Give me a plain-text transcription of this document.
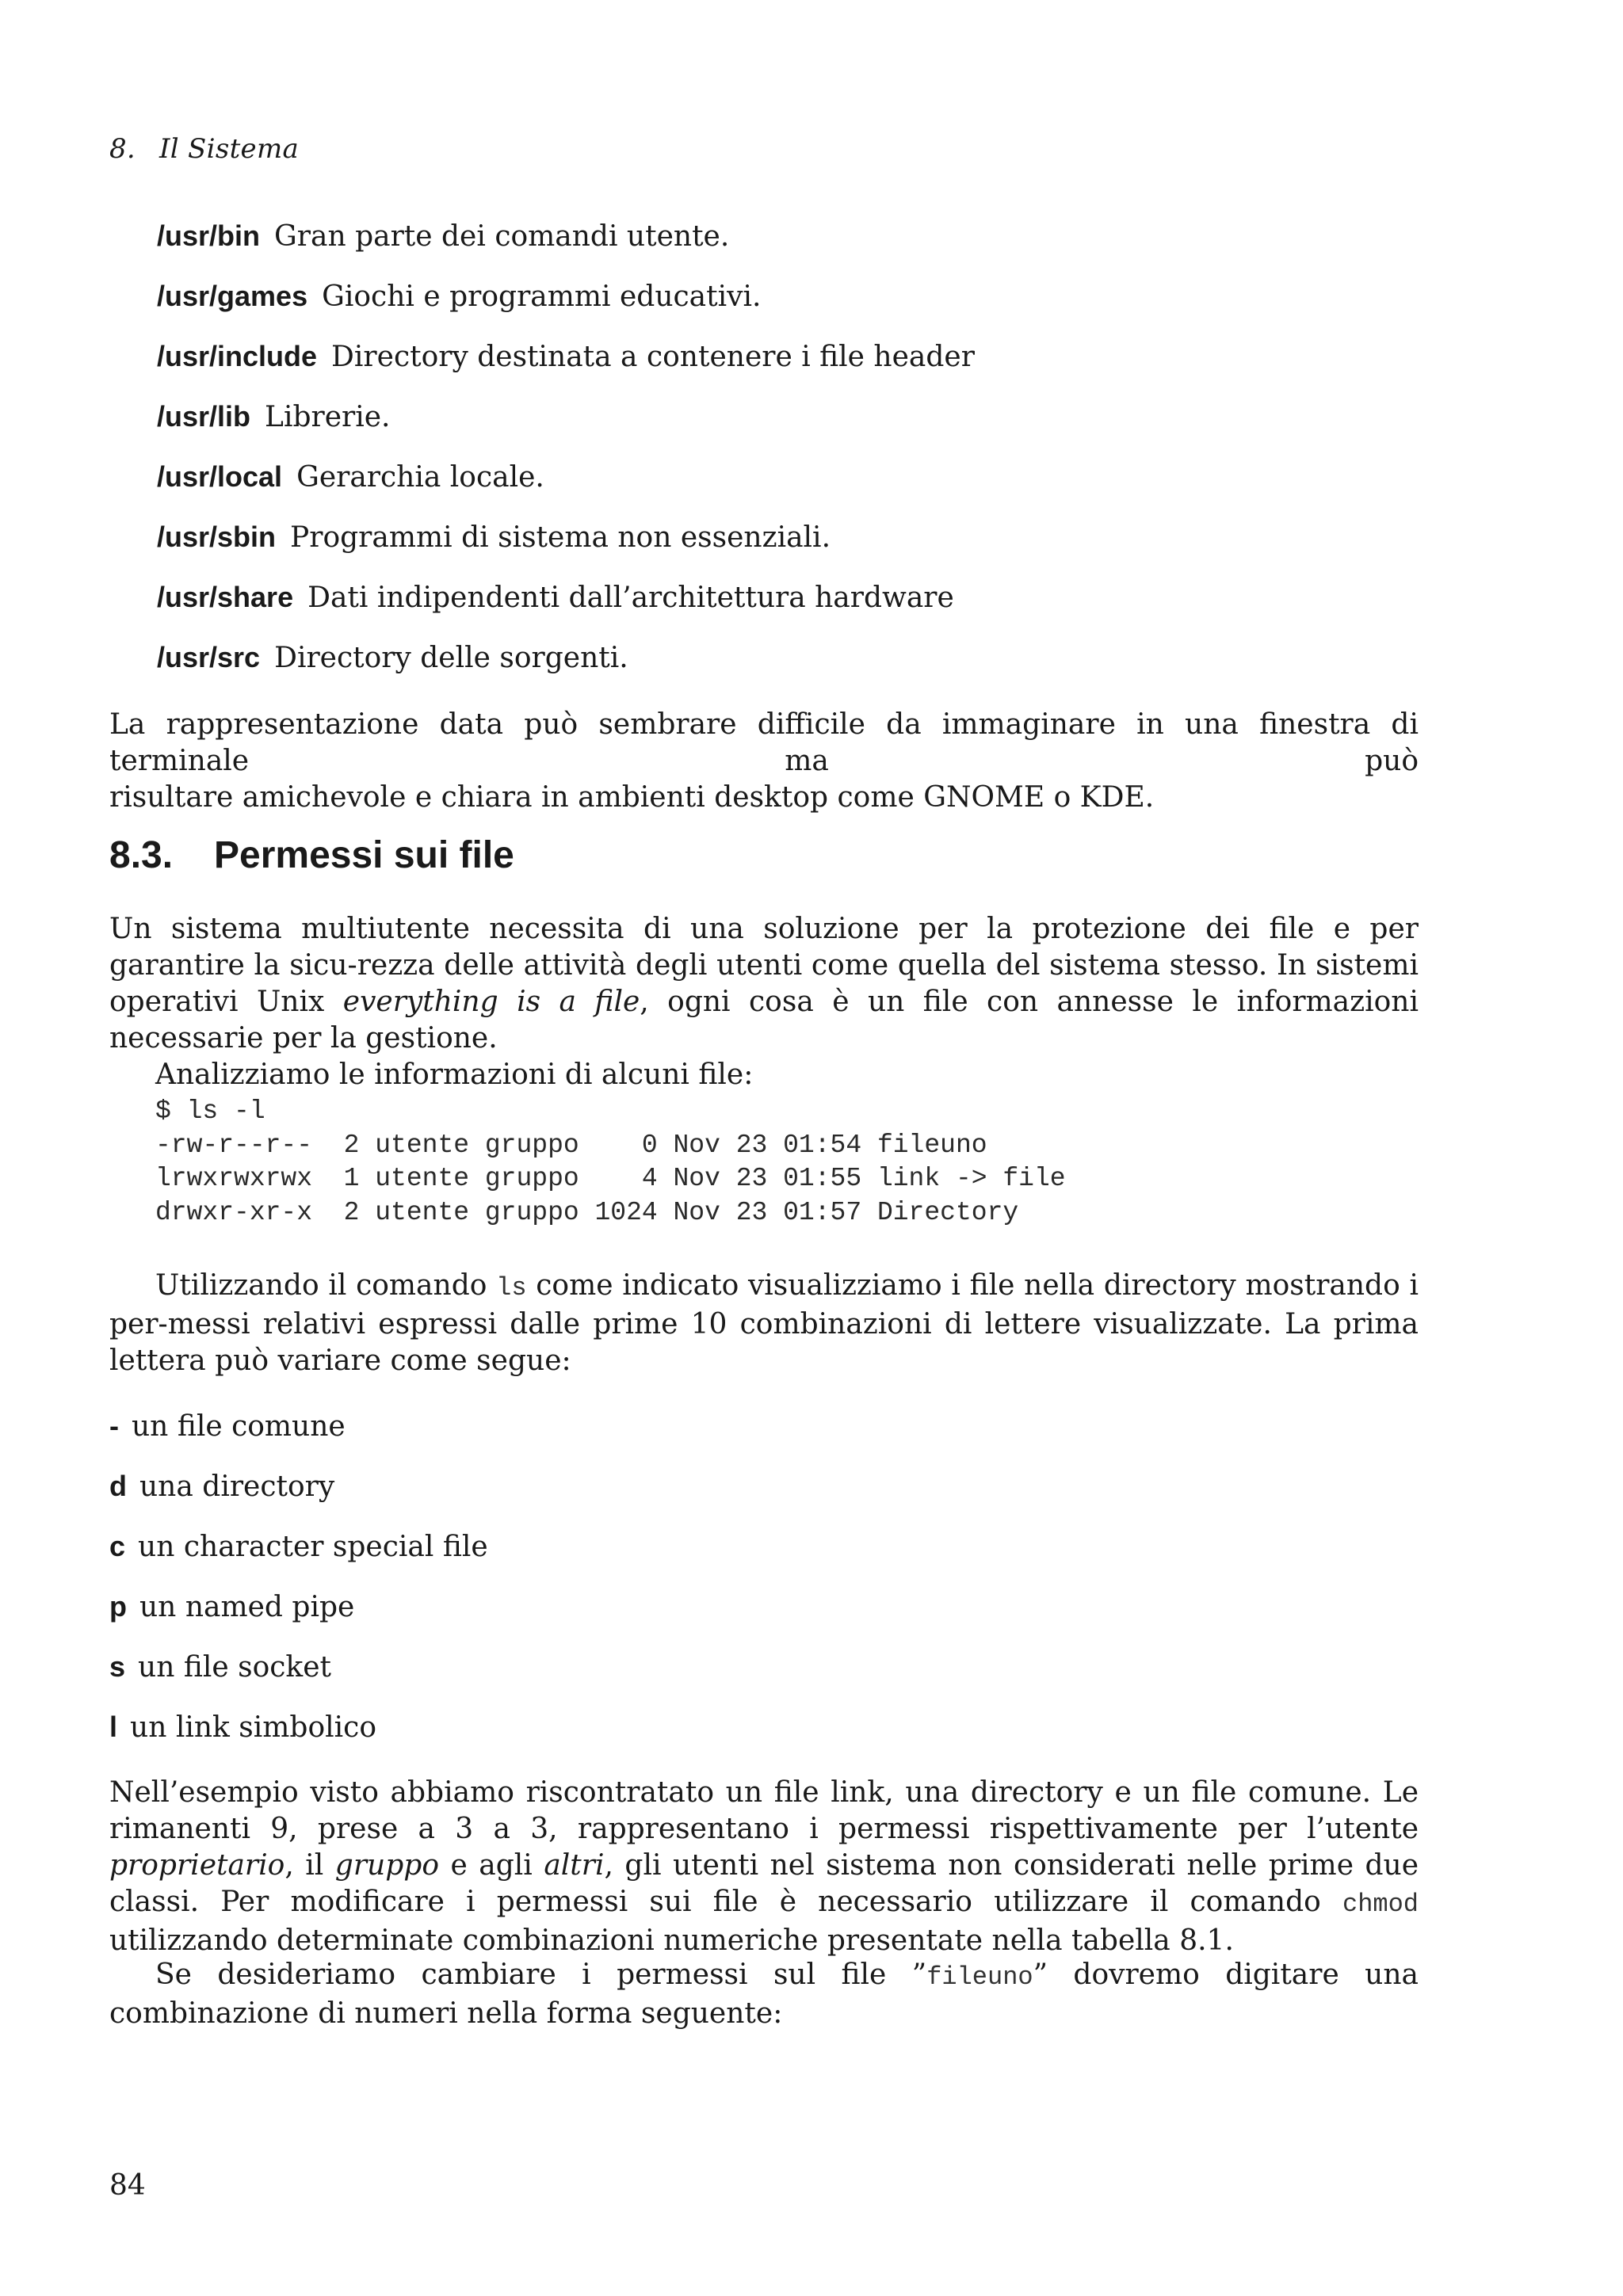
8. Il Sistema
/usr/bin Gran parte dei comandi utente.
/usr/games Giochi e programmi educativi.
/usr/include Directory destinata a contenere i file header
/usr/lib Librerie.
/usr/local Gerarchia locale.
/usr/sbin Programmi di sistema non essenziali.
/usr/share Dati indipendenti dall’architettura hardware
/usr/src Directory delle sorgenti.
La rappresentazione data può sembrare difficile da immaginare in una finestra di terminale ma può
risultare amichevole e chiara in ambienti desktop come GNOME o KDE.
8.3. Permessi sui file
Un sistema multiutente necessita di una soluzione per la protezione dei file e per garantire la sicu-rezza delle attività degli utenti come quella del sistema stesso. In sistemi operativi Unix everything is a file, ogni cosa è un file con annesse le informazioni necessarie per la gestione.
Analizziamo le informazioni di alcuni file:
$ ls -l
-rw-r--r--  2 utente gruppo    0 Nov 23 01:54 fileuno
lrwxrwxrwx  1 utente gruppo    4 Nov 23 01:55 link -> file
drwxr-xr-x  2 utente gruppo 1024 Nov 23 01:57 Directory
Utilizzando il comando ls come indicato visualizziamo i file nella directory mostrando i per-messi relativi espressi dalle prime 10 combinazioni di lettere visualizzate. La prima lettera può variare come segue:
- un file comune
d una directory
c un character special file
p un named pipe
s un file socket
l un link simbolico
Nell’esempio visto abbiamo riscontratato un file link, una directory e un file comune. Le rimanenti 9, prese a 3 a 3, rappresentano i permessi rispettivamente per l’utente proprietario, il gruppo e agli altri, gli utenti nel sistema non considerati nelle prime due classi. Per modificare i permessi sui file è necessario utilizzare il comando chmod utilizzando determinate combinazioni numeriche presentate nella tabella 8.1.
Se desideriamo cambiare i permessi sul file ”fileuno” dovremo digitare una combinazione di numeri nella forma seguente:
84
